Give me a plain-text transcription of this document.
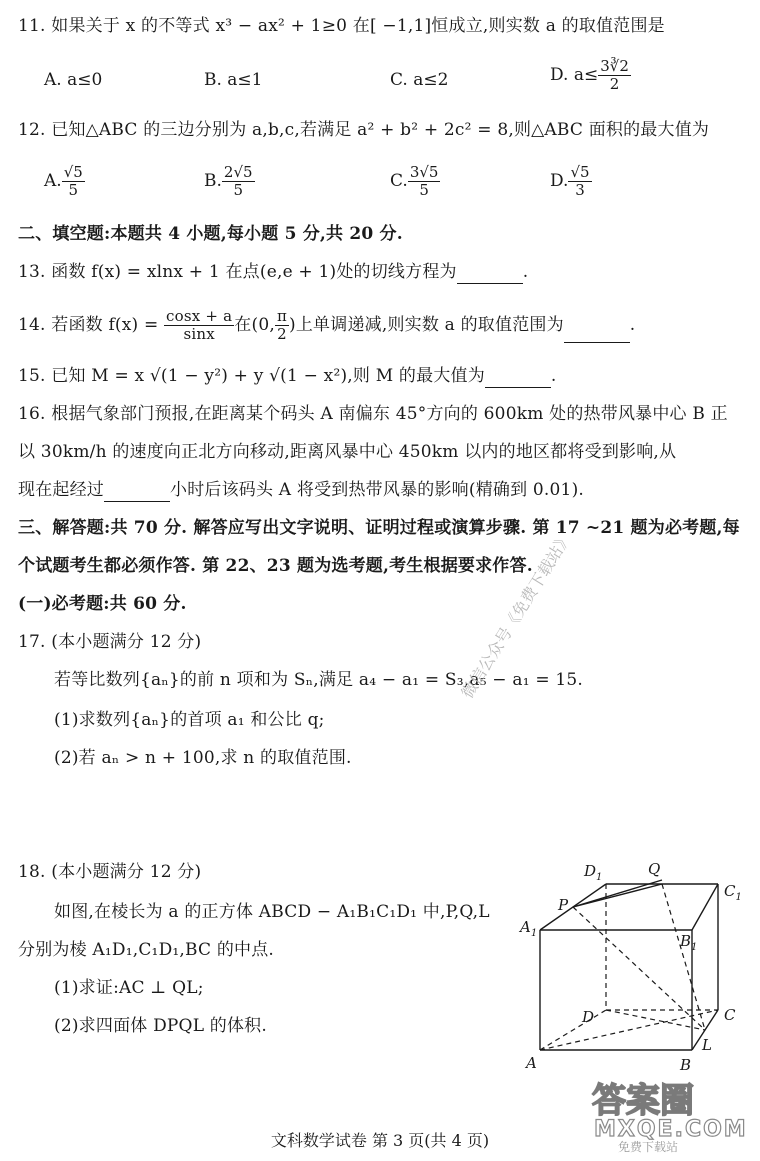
11. 如果关于 x 的不等式 x³ − ax² + 1≥0 在[ −1,1]恒成立,则实数 a 的取值范围是
A. a≤0	B. a≤1	C. a≤2	D. $a\le \frac{3∛2}{2}$
12. 已知△ABC 的三边分别为 a,b,c,若满足 a² + b² + 2c² = 8,则△ABC 面积的最大值为
A. $\frac{√5}{5}$	B. $\frac{2√5}{5}$	C. $\frac{3√5}{5}$	D. $\frac{√5}{3}$
二、填空题:本题共 4 小题,每小题 5 分,共 20 分.
13. 函数 f(x) = xlnx + 1 在点(e,e + 1)处的切线方程为	.
14. 若函数 $f(x) = \frac{\cos x + a}{\sin x}$ 在(0, $\frac{\pi}{2}$ )上单调递减,则实数 a 的取值范围为	.
15. 已知 M = x √(1 − y²) + y √(1 − x²),则 M 的最大值为	.
16. 根据气象部门预报,在距离某个码头 A 南偏东 45°方向的 600km 处的热带风暴中心 B 正
以 30km/h 的速度向正北方向移动,距离风暴中心 450km 以内的地区都将受到影响,从
现在起经过	小时后该码头 A 将受到热带风暴的影响(精确到 0.01).
三、解答题:共 70 分. 解答应写出文字说明、证明过程或演算步骤. 第 17 ~21 题为必考题,每
个试题考生都必须作答. 第 22、23 题为选考题,考生根据要求作答.
(一)必考题:共 60 分.
17. (本小题满分 12 分)
若等比数列{aₙ}的前 n 项和为 Sₙ,满足 a₄ − a₁ = S₃,a₅ − a₁ = 15.
(1)求数列{aₙ}的首项 a₁ 和公比 q;
(2)若 aₙ > n + 100,求 n 的取值范围.
微信公众号《免费下载站》
18. (本小题满分 12 分)
如图,在棱长为 a 的正方体 ABCD − A₁B₁C₁D₁ 中,P,Q,L
分别为棱 A₁D₁,C₁D₁,BC 的中点.
(1)求证:AC ⊥ QL;
(2)求四面体 DPQL 的体积.
$D_1$	Q
$C_1$
P
$A_1$	$B_1$
D	C
L
A	B
答案圈
MXQE.COM
免费下载站
文科数学试卷 第 3 页(共 4 页)
